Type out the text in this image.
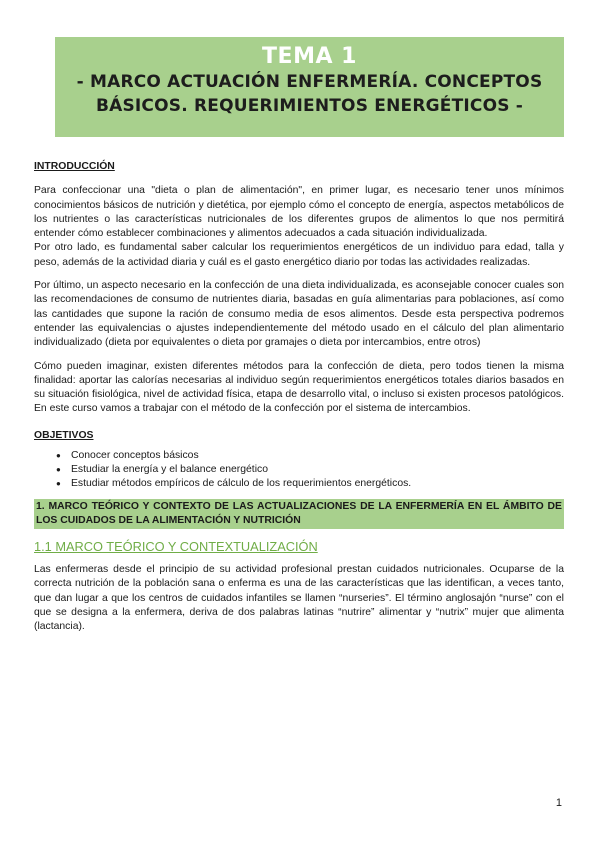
TEMA 1
- MARCO ACTUACIÓN ENFERMERÍA. CONCEPTOS
BÁSICOS. REQUERIMIENTOS ENERGÉTICOS -
INTRODUCCIÓN

Para confeccionar una "dieta o plan de alimentación", en primer lugar, es necesario tener unos mínimos conocimientos básicos de nutrición y dietética, por ejemplo cómo el concepto de energía, aspectos metabólicos de los nutrientes o las características nutricionales de los diferentes grupos de alimentos lo que nos permitirá entender cómo establecer combinaciones y alimentos adecuados a cada situación individualizada.

Por otro lado, es fundamental saber calcular los requerimientos energéticos de un individuo para edad, talla y peso, además de la actividad diaria y cuál es el gasto energético diario por todas las actividades realizadas.

Por último, un aspecto necesario en la confección de una dieta individualizada, es aconsejable conocer cuales son las recomendaciones de consumo de nutrientes diaria, basadas en guía alimentarias para poblaciones, así como las cantidades que supone la ración de consumo media de esos alimentos. Desde esta perspectiva podremos entender las equivalencias o ajustes independientemente del método usado en el cálculo del plan alimentario individualizado (dieta por equivalentes o dieta por gramajes o dieta por intercambios, entre otros)

Cómo pueden imaginar, existen diferentes métodos para la confección de dieta, pero todos tienen la misma finalidad: aportar las calorías necesarias al individuo según requerimientos energéticos totales diarios basados en su situación fisiológica, nivel de actividad física, etapa de desarrollo vital, o incluso si existen procesos patológicos. En este curso vamos a trabajar con el método de la confección por el sistema de intercambios.

OBJETIVOS
● Conocer conceptos básicos
● Estudiar la energía y el balance energético
● Estudiar métodos empíricos de cálculo de los requerimientos energéticos.
1. MARCO TEÓRICO Y CONTEXTO DE LAS ACTUALIZACIONES DE LA ENFERMERÍA EN EL ÁMBITO DE LOS CUIDADOS DE LA ALIMENTACIÓN Y NUTRICIÓN
1.1 MARCO TEÓRICO Y CONTEXTUALIZACIÓN

Las enfermeras desde el principio de su actividad profesional prestan cuidados nutricionales. Ocuparse de la correcta nutrición de la población sana o enferma es una de las características que las identifican, a veces tanto, que dan lugar a que los centros de cuidados infantiles se llamen “nurseries”. El término anglosajón “nurse” con el que se designa a la enfermera, deriva de dos palabras latinas “nutrire” alimentar y “nutrix” mujer que alimenta (lactancia).

1
